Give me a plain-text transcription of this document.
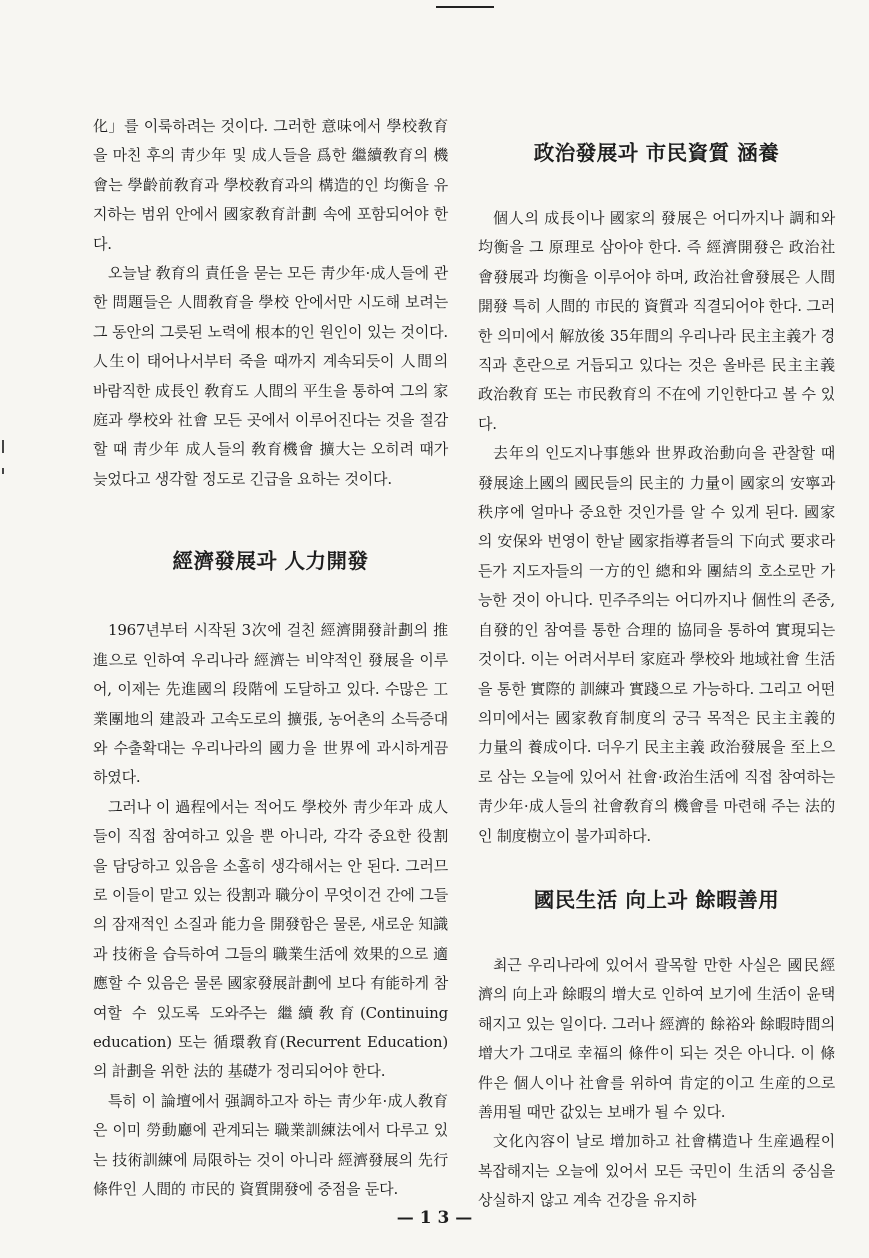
化」를 이룩하려는 것이다. 그러한 意味에서 學校敎育을 마친 후의 靑少年 및 成人들을 爲한 繼續敎育의 機會는 學齡前敎育과 學校敎育과의 構造的인 均衡을 유지하는 범위 안에서 國家敎育計劃 속에 포함되어야 한다.

오늘날 敎育의 責任을 묻는 모든 靑少年·成人들에 관한 問題들은 人間敎育을 學校 안에서만 시도해 보려는 그 동안의 그릇된 노력에 根本的인 원인이 있는 것이다. 人生이 태어나서부터 죽을 때까지 계속되듯이 人間의 바람직한 成長인 敎育도 人間의 平生을 통하여 그의 家庭과 學校와 社會 모든 곳에서 이루어진다는 것을 절감할 때 靑少年 成人들의 敎育機會 擴大는 오히려 때가 늦었다고 생각할 정도로 긴급을 요하는 것이다.

經濟發展과 人力開發

1967년부터 시작된 3次에 걸친 經濟開發計劃의 推進으로 인하여 우리나라 經濟는 비약적인 發展을 이루어, 이제는 先進國의 段階에 도달하고 있다. 수많은 工業團地의 建設과 고속도로의 擴張, 농어촌의 소득증대와 수출확대는 우리나라의 國力을 世界에 과시하게끔 하였다.

그러나 이 過程에서는 적어도 學校外 靑少年과 成人들이 직접 참여하고 있을 뿐 아니라, 각각 중요한 役割을 담당하고 있음을 소홀히 생각해서는 안 된다. 그러므로 이들이 맡고 있는 役割과 職分이 무엇이건 간에 그들의 잠재적인 소질과 能力을 開發함은 물론, 새로운 知識과 技術을 습득하여 그들의 職業生活에 效果的으로 適應할 수 있음은 물론 國家發展計劃에 보다 有能하게 참여할 수 있도록 도와주는 繼續敎育(Continuing education) 또는 循環敎育(Recurrent Education)의 計劃을 위한 法的 基礎가 정리되어야 한다.

특히 이 論壇에서 强調하고자 하는 靑少年·成人敎育은 이미 勞動廳에 관계되는 職業訓練法에서 다루고 있는 技術訓練에 局限하는 것이 아니라 經濟發展의 先行條件인 人間的 市民的 資質開發에 중점을 둔다.

政治發展과 市民資質 涵養

個人의 成長이나 國家의 發展은 어디까지나 調和와 均衡을 그 原理로 삼아야 한다. 즉 經濟開發은 政治社會發展과 均衡을 이루어야 하며, 政治社會發展은 人間開發 특히 人間的 市民的 資質과 직결되어야 한다. 그러한 의미에서 解放後 35年間의 우리나라 民主主義가 경직과 혼란으로 거듭되고 있다는 것은 올바른 民主主義 政治敎育 또는 市民敎育의 不在에 기인한다고 볼 수 있다.

去年의 인도지나事態와 世界政治動向을 관찰할 때 發展途上國의 國民들의 民主的 力量이 國家의 安寧과 秩序에 얼마나 중요한 것인가를 알 수 있게 된다. 國家의 安保와 번영이 한낱 國家指導者들의 下向式 要求라든가 지도자들의 一方的인 總和와 團結의 호소로만 가능한 것이 아니다. 민주주의는 어디까지나 個性의 존중, 自發的인 참여를 통한 合理的 協同을 통하여 實現되는 것이다. 이는 어려서부터 家庭과 學校와 地域社會 生活을 통한 實際的 訓練과 實踐으로 가능하다. 그리고 어떤 의미에서는 國家敎育制度의 궁극 목적은 民主主義的 力量의 養成이다. 더우기 民主主義 政治發展을 至上으로 삼는 오늘에 있어서 社會·政治生活에 직접 참여하는 靑少年·成人들의 社會敎育의 機會를 마련해 주는 法的인 制度樹立이 불가피하다.

國民生活 向上과 餘暇善用

최근 우리나라에 있어서 괄목할 만한 사실은 國民經濟의 向上과 餘暇의 增大로 인하여 보기에 生活이 윤택해지고 있는 일이다. 그러나 經濟的 餘裕와 餘暇時間의 增大가 그대로 幸福의 條件이 되는 것은 아니다. 이 條件은 個人이나 社會를 위하여 肯定的이고 生産的으로 善用될 때만 값있는 보배가 될 수 있다.

文化內容이 날로 增加하고 社會構造나 生産過程이 복잡해지는 오늘에 있어서 모든 국민이 生活의 중심을 상실하지 않고 계속 건강을 유지하

— 1 3 —
